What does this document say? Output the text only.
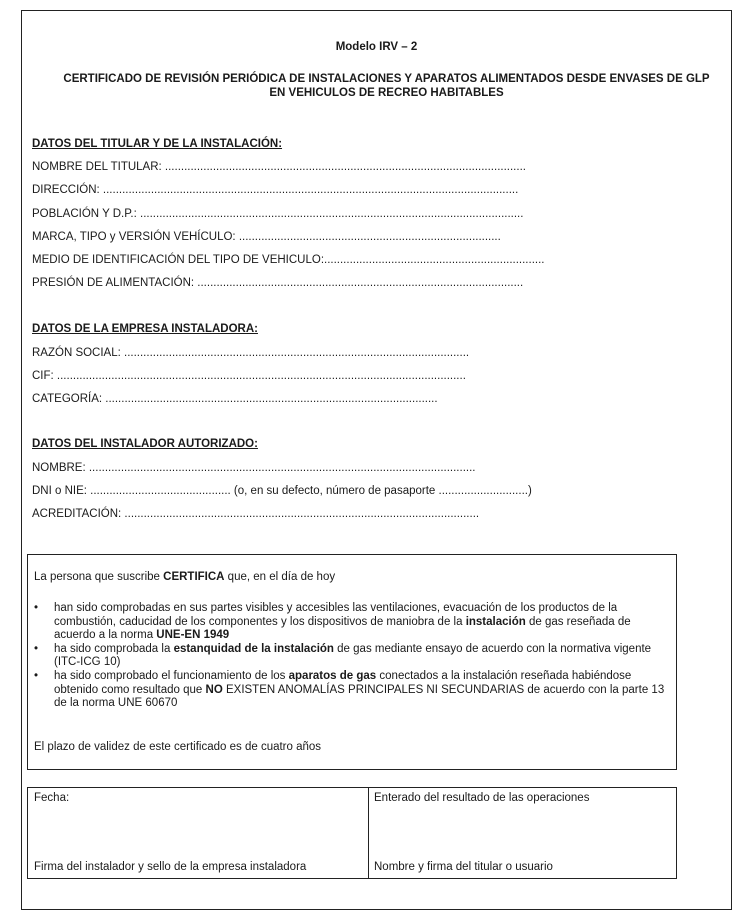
Modelo IRV – 2
CERTIFICADO DE REVISIÓN PERIÓDICA DE INSTALACIONES Y APARATOS ALIMENTADOS DESDE ENVASES DE GLP EN VEHICULOS DE RECREO HABITABLES
DATOS DEL TITULAR Y DE LA INSTALACIÓN:
NOMBRE DEL TITULAR: .................................................................................................................
DIRECCIÓN: ..................................................................................................................................
POBLACIÓN Y D.P.: ........................................................................................................................
MARCA, TIPO y VERSIÓN VEHÍCULO: ..................................................................................
MEDIO DE IDENTIFICACIÓN DEL TIPO DE VEHICULO:.....................................................................
PRESIÓN DE ALIMENTACIÓN: ......................................................................................................
DATOS DE LA EMPRESA INSTALADORA:
RAZÓN SOCIAL: ............................................................................................................
CIF: ................................................................................................................................
CATEGORÍA: ........................................................................................................
DATOS DEL INSTALADOR AUTORIZADO:
NOMBRE: .........................................................................................................................
DNI o NIE: ............................................ (o, en su defecto, número de pasaporte ............................)
ACREDITACIÓN: ...............................................................................................................
La persona que suscribe CERTIFICA que, en el día de hoy
• han sido comprobadas en sus partes visibles y accesibles las ventilaciones, evacuación de los productos de la combustión, caducidad de los componentes y los dispositivos de maniobra de la instalación de gas reseñada de acuerdo a la norma UNE-EN 1949
• ha sido comprobada la estanquidad de la instalación de gas mediante ensayo de acuerdo con la normativa vigente (ITC-ICG 10)
• ha sido comprobado el funcionamiento de los aparatos de gas conectados a la instalación reseñada habiéndose obtenido como resultado que NO EXISTEN ANOMALÍAS PRINCIPALES NI SECUNDARIAS de acuerdo con la parte 13 de la norma UNE 60670
El plazo de validez de este certificado es de cuatro años
Fecha:	Enterado del resultado de las operaciones
Firma del instalador y sello de la empresa instaladora	Nombre y firma del titular o usuario
